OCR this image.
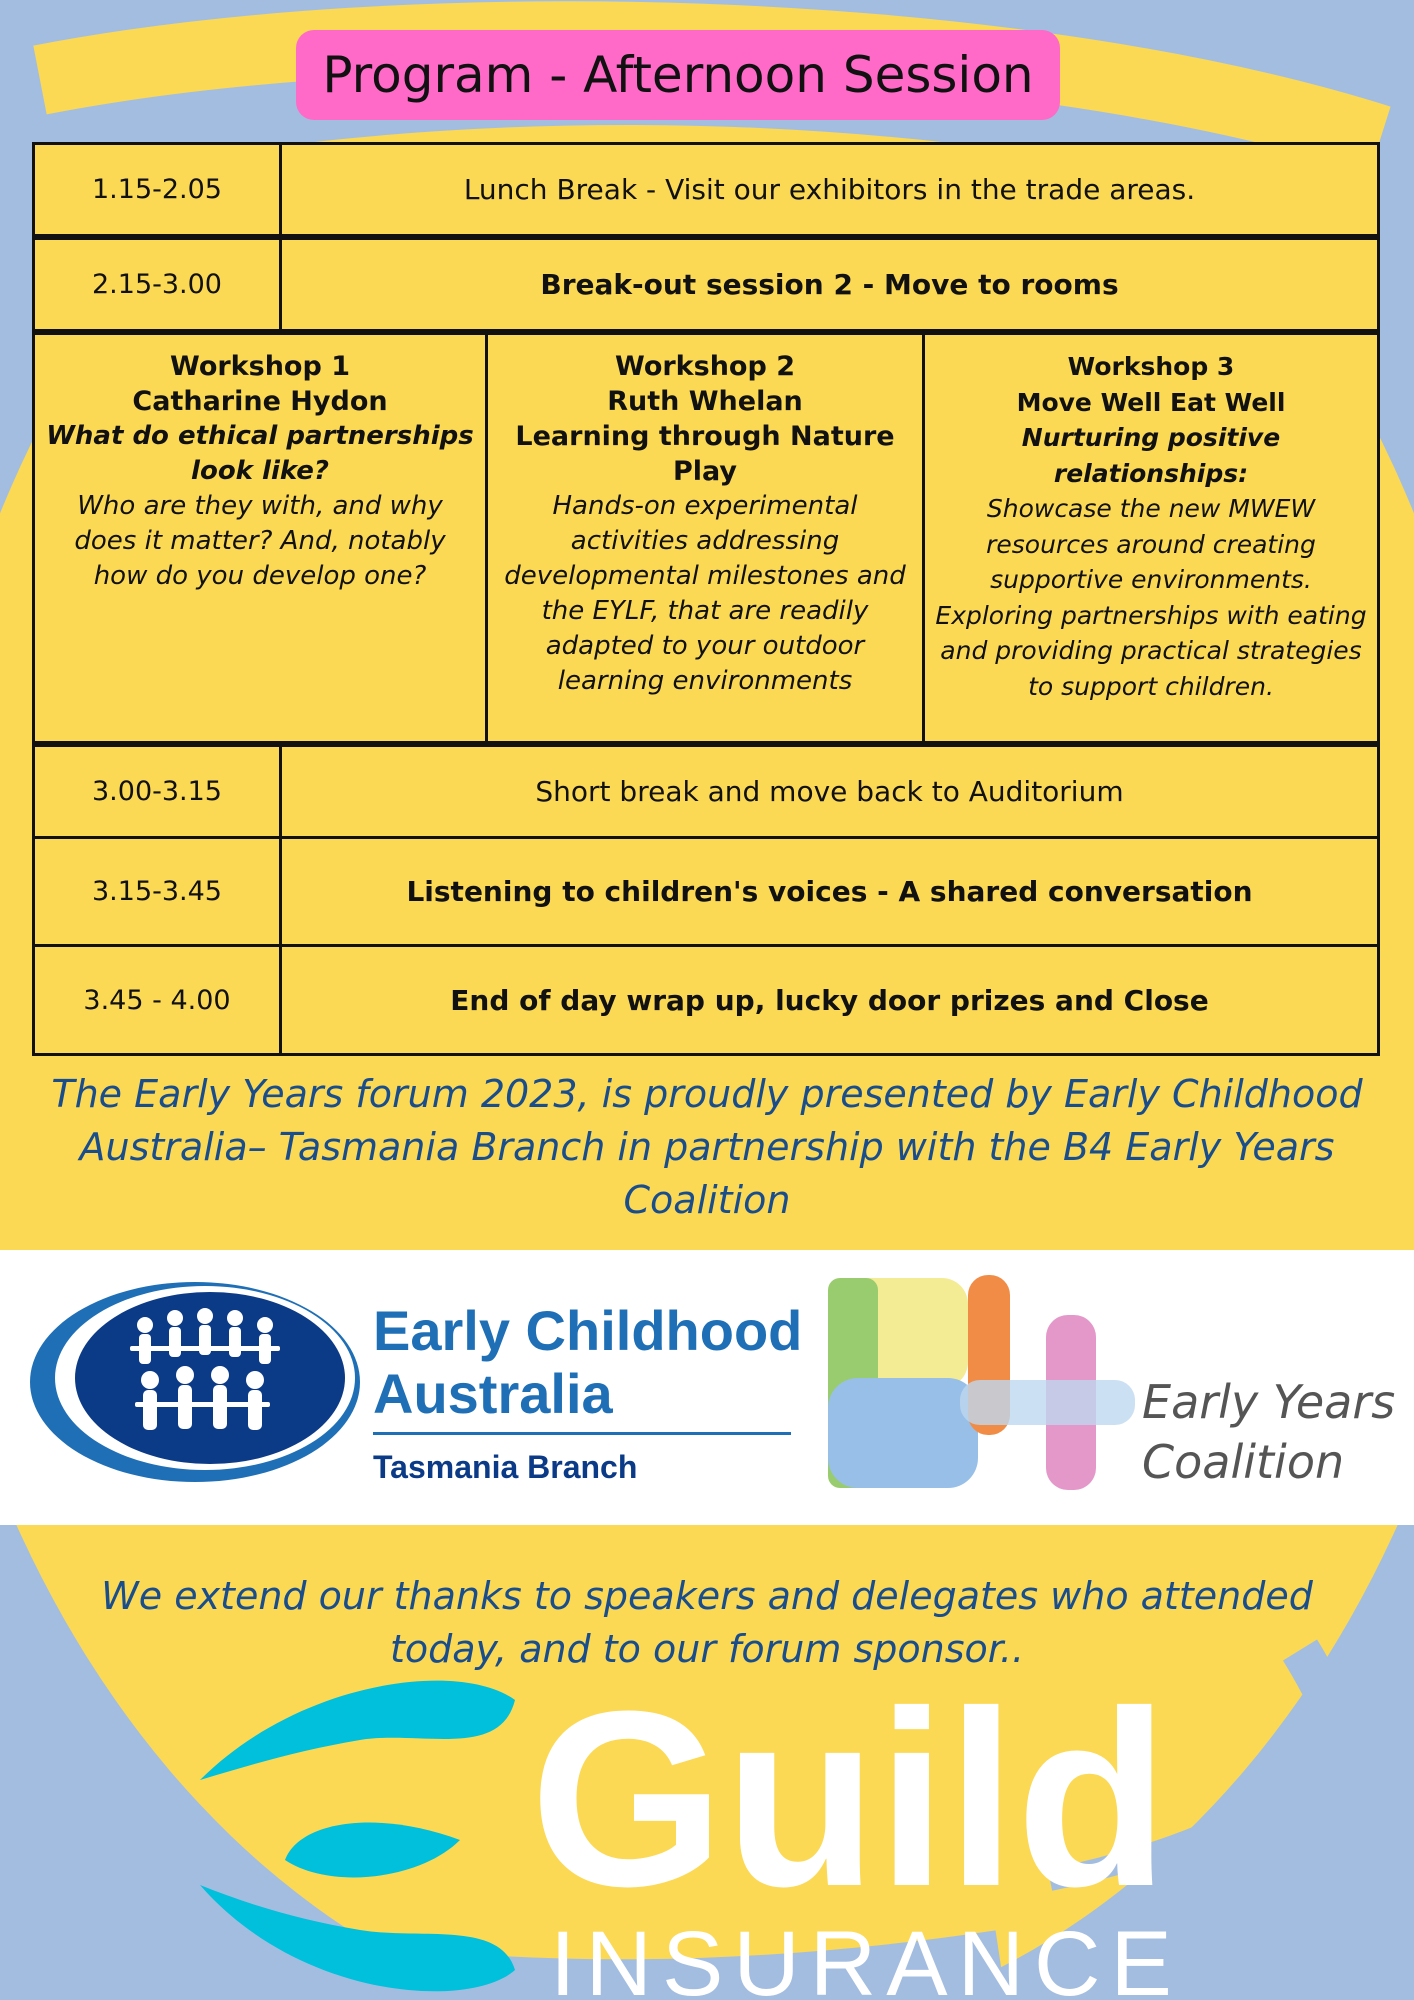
Program - Afternoon Session
1.15-2.05	Lunch Break - Visit our exhibitors in the trade areas.
2.15-3.00	Break-out session 2 - Move to rooms
Workshop 1
Catharine Hydon
What do ethical partnerships look like?
Who are they with, and why does it matter? And, notably how do you develop one?
Workshop 2
Ruth Whelan
Learning through Nature Play
Hands-on experimental activities addressing developmental milestones and the EYLF, that are readily adapted to your outdoor learning environments
Workshop 3
Move Well Eat Well
Nurturing positive relationships:
Showcase the new MWEW resources around creating supportive environments. Exploring partnerships with eating and providing practical strategies to support children.
3.00-3.15	Short break and move back to Auditorium
3.15-3.45	Listening to children's voices - A shared conversation
3.45 - 4.00	End of day wrap up, lucky door prizes and Close
The Early Years forum 2023, is proudly presented by Early Childhood Australia– Tasmania Branch in partnership with the B4 Early Years Coalition
Early Childhood
Australia
Tasmania Branch
Early Years
Coalition
We extend our thanks to speakers and delegates who attended today, and to our forum sponsor..
Guild
INSURANCE
